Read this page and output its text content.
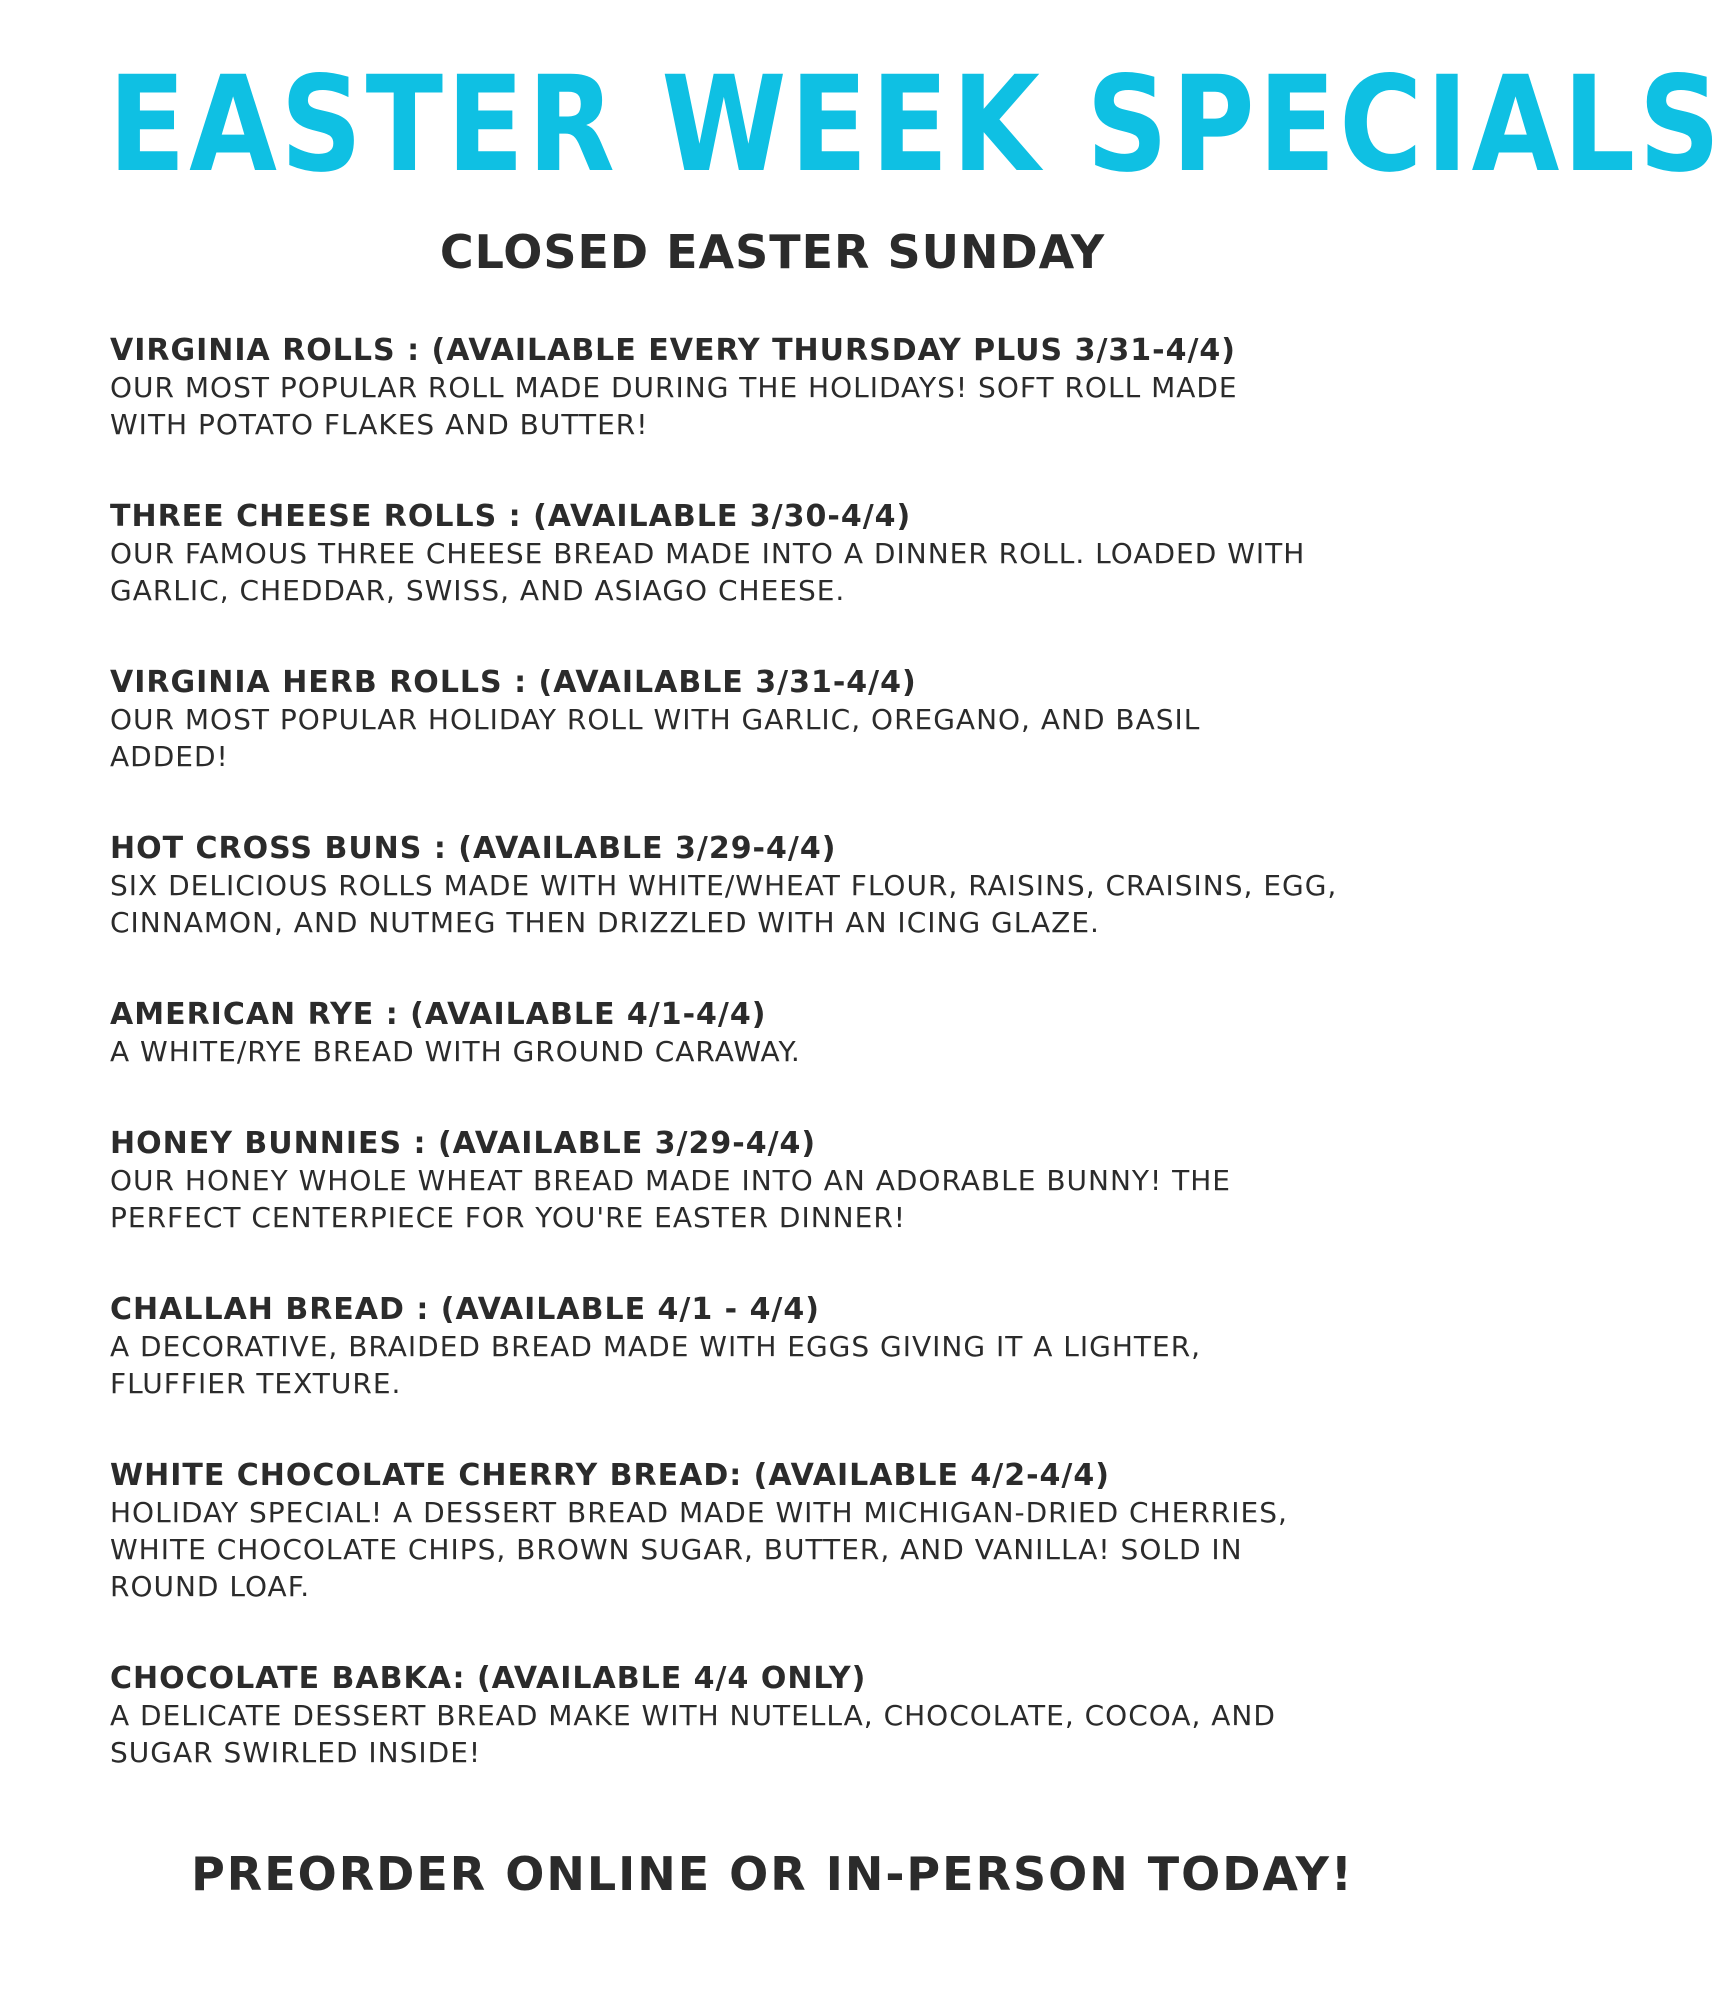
EASTER WEEK SPECIALS
CLOSED EASTER SUNDAY
VIRGINIA ROLLS : (AVAILABLE EVERY THURSDAY PLUS 3/31-4/4)
OUR MOST POPULAR ROLL MADE DURING THE HOLIDAYS! SOFT ROLL MADE
WITH POTATO FLAKES AND BUTTER!
THREE CHEESE ROLLS : (AVAILABLE 3/30-4/4)
OUR FAMOUS THREE CHEESE BREAD MADE INTO A DINNER ROLL. LOADED WITH
GARLIC, CHEDDAR, SWISS, AND ASIAGO CHEESE.
VIRGINIA HERB ROLLS : (AVAILABLE 3/31-4/4)
OUR MOST POPULAR HOLIDAY ROLL WITH GARLIC, OREGANO, AND BASIL
ADDED!
HOT CROSS BUNS : (AVAILABLE 3/29-4/4)
SIX DELICIOUS ROLLS MADE WITH WHITE/WHEAT FLOUR, RAISINS, CRAISINS, EGG,
CINNAMON, AND NUTMEG THEN DRIZZLED WITH AN ICING GLAZE.
AMERICAN RYE : (AVAILABLE 4/1-4/4)
A WHITE/RYE BREAD WITH GROUND CARAWAY.
HONEY BUNNIES : (AVAILABLE 3/29-4/4)
OUR HONEY WHOLE WHEAT BREAD MADE INTO AN ADORABLE BUNNY! THE
PERFECT CENTERPIECE FOR YOU'RE EASTER DINNER!
CHALLAH BREAD : (AVAILABLE 4/1 - 4/4)
A DECORATIVE, BRAIDED BREAD MADE WITH EGGS GIVING IT A LIGHTER,
FLUFFIER TEXTURE.
WHITE CHOCOLATE CHERRY BREAD: (AVAILABLE 4/2-4/4)
HOLIDAY SPECIAL! A DESSERT BREAD MADE WITH MICHIGAN-DRIED CHERRIES,
WHITE CHOCOLATE CHIPS, BROWN SUGAR, BUTTER, AND VANILLA! SOLD IN
ROUND LOAF.
CHOCOLATE BABKA: (AVAILABLE 4/4 ONLY)
A DELICATE DESSERT BREAD MAKE WITH NUTELLA, CHOCOLATE, COCOA, AND
SUGAR SWIRLED INSIDE!
PREORDER ONLINE OR IN-PERSON TODAY!
